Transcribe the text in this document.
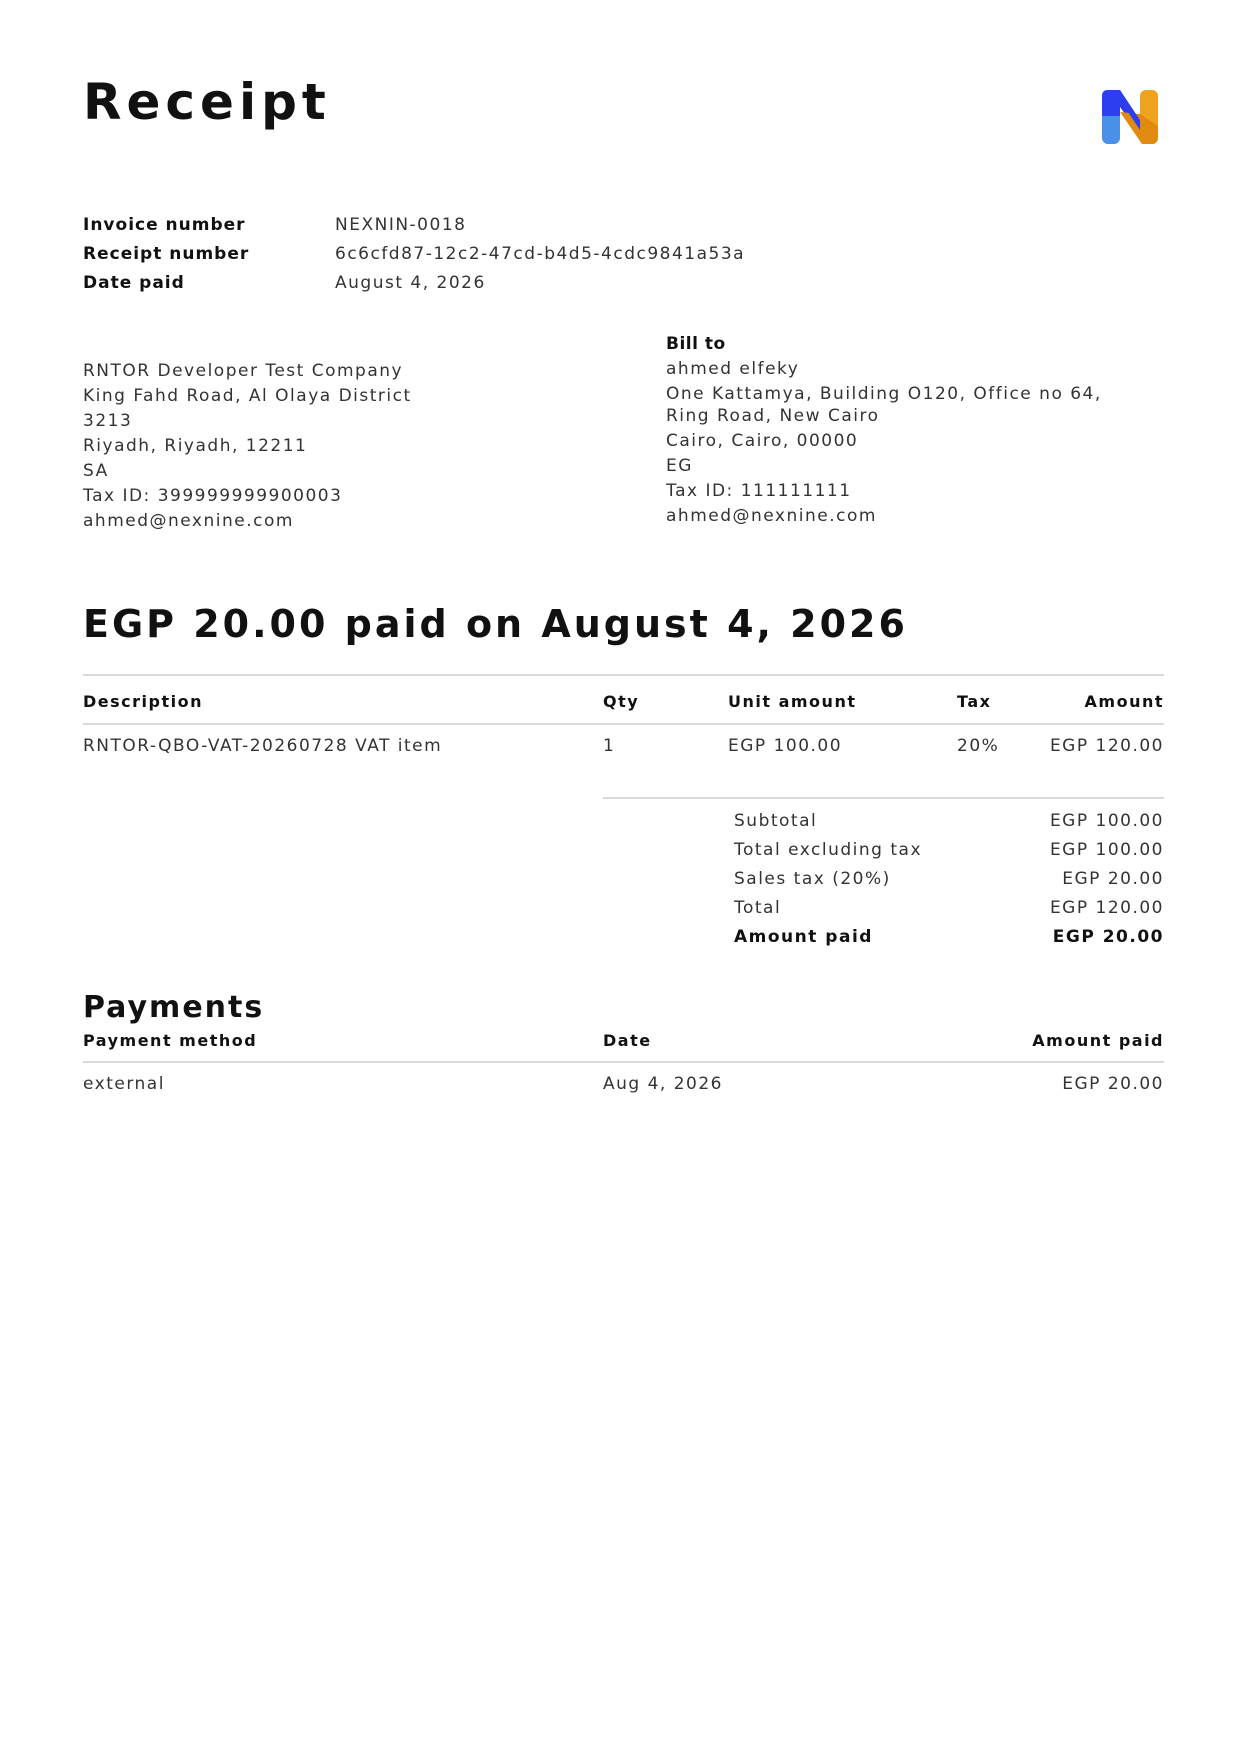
Receipt
Invoice number	NEXNIN-0018
Receipt number	6c6cfd87-12c2-47cd-b4d5-4cdc9841a53a
Date paid	August 4, 2026
RNTOR Developer Test Company
King Fahd Road, Al Olaya District
3213
Riyadh, Riyadh, 12211
SA
Tax ID: 399999999900003
ahmed@nexnine.com
Bill to
ahmed elfeky
One Kattamya, Building O120, Office no 64, Ring Road, New Cairo
Cairo, Cairo, 00000
EG
Tax ID: 111111111
ahmed@nexnine.com
EGP 20.00 paid on August 4, 2026
Description	Qty	Unit amount	Tax	Amount
RNTOR-QBO-VAT-20260728 VAT item	1	EGP 100.00	20%	EGP 120.00
Subtotal	EGP 100.00
Total excluding tax	EGP 100.00
Sales tax (20%)	EGP 20.00
Total	EGP 120.00
Amount paid	EGP 20.00
Payments
Payment method	Date	Amount paid
external	Aug 4, 2026	EGP 20.00
